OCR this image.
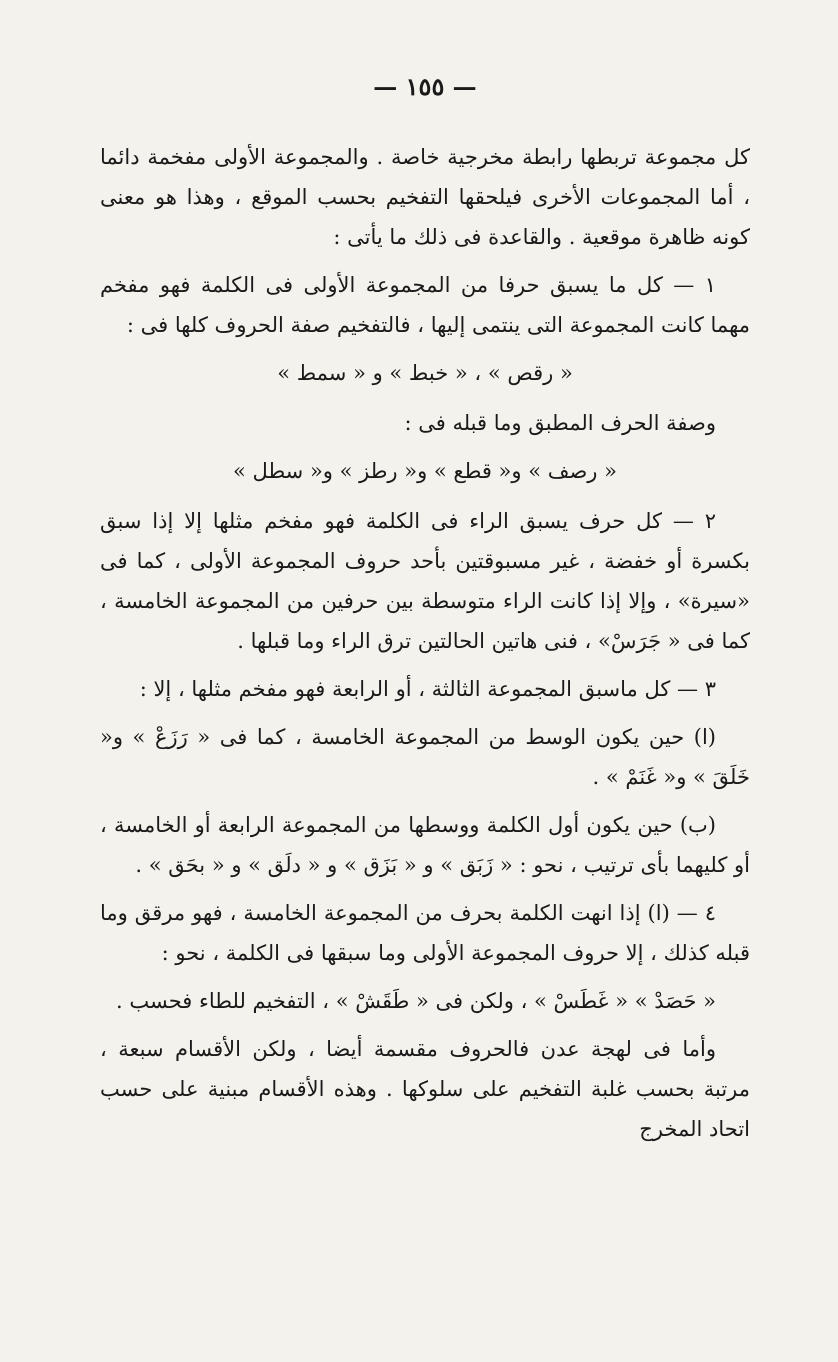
— ١٥٥ —

كل مجموعة تربطها رابطة مخرجية خاصة . والمجموعة الأولى مفخمة دائما ، أما المجموعات الأخرى فيلحقها التفخيم بحسب الموقع ، وهذا هو معنى كونه ظاهرة موقعية . والقاعدة فى ذلك ما يأتى :

١ — كل ما يسبق حرفا من المجموعة الأولى فى الكلمة فهو مفخم مهما كانت المجموعة التى ينتمى إليها ، فالتفخيم صفة الحروف كلها فى :

« رقص » ، « خبط » و « سمط »

وصفة الحرف المطبق وما قبله فى :

« رصف » و« قطع » و« رطز » و« سطل »

٢ — كل حرف يسبق الراء فى الكلمة فهو مفخم مثلها إلا إذا سبق بكسرة أو خفضة ، غير مسبوقتين بأحد حروف المجموعة الأولى ، كما فى «سيرة» ، وإلا إذا كانت الراء متوسطة بين حرفين من المجموعة الخامسة ، كما فى « جَرَسْ» ، فنى هاتين الحالتين ترق الراء وما قبلها .

٣ — كل ماسبق المجموعة الثالثة ، أو الرابعة فهو مفخم مثلها ، إلا :

(ا) حين يكون الوسط من المجموعة الخامسة ، كما فى « رَزَعْ » و« خَلَقَ » و« غَنَمْ » .

(ب) حين يكون أول الكلمة ووسطها من المجموعة الرابعة أو الخامسة ، أو كليهما بأى ترتيب ، نحو : « زَبَق » و « بَزَق » و « دلَق » و « بحَق » .

٤ — (ا) إذا انهت الكلمة بحرف من المجموعة الخامسة ، فهو مرقق وما قبله كذلك ، إلا حروف المجموعة الأولى وما سبقها فى الكلمة ، نحو :

« حَصَدْ » « غَطَسْ » ، ولكن فى « طَقَشْ » ، التفخيم للطاء فحسب .

وأما فى لهجة عدن فالحروف مقسمة أيضا ، ولكن الأقسام سبعة ، مرتبة بحسب غلبة التفخيم على سلوكها . وهذه الأقسام مبنية على حسب اتحاد المخرج
